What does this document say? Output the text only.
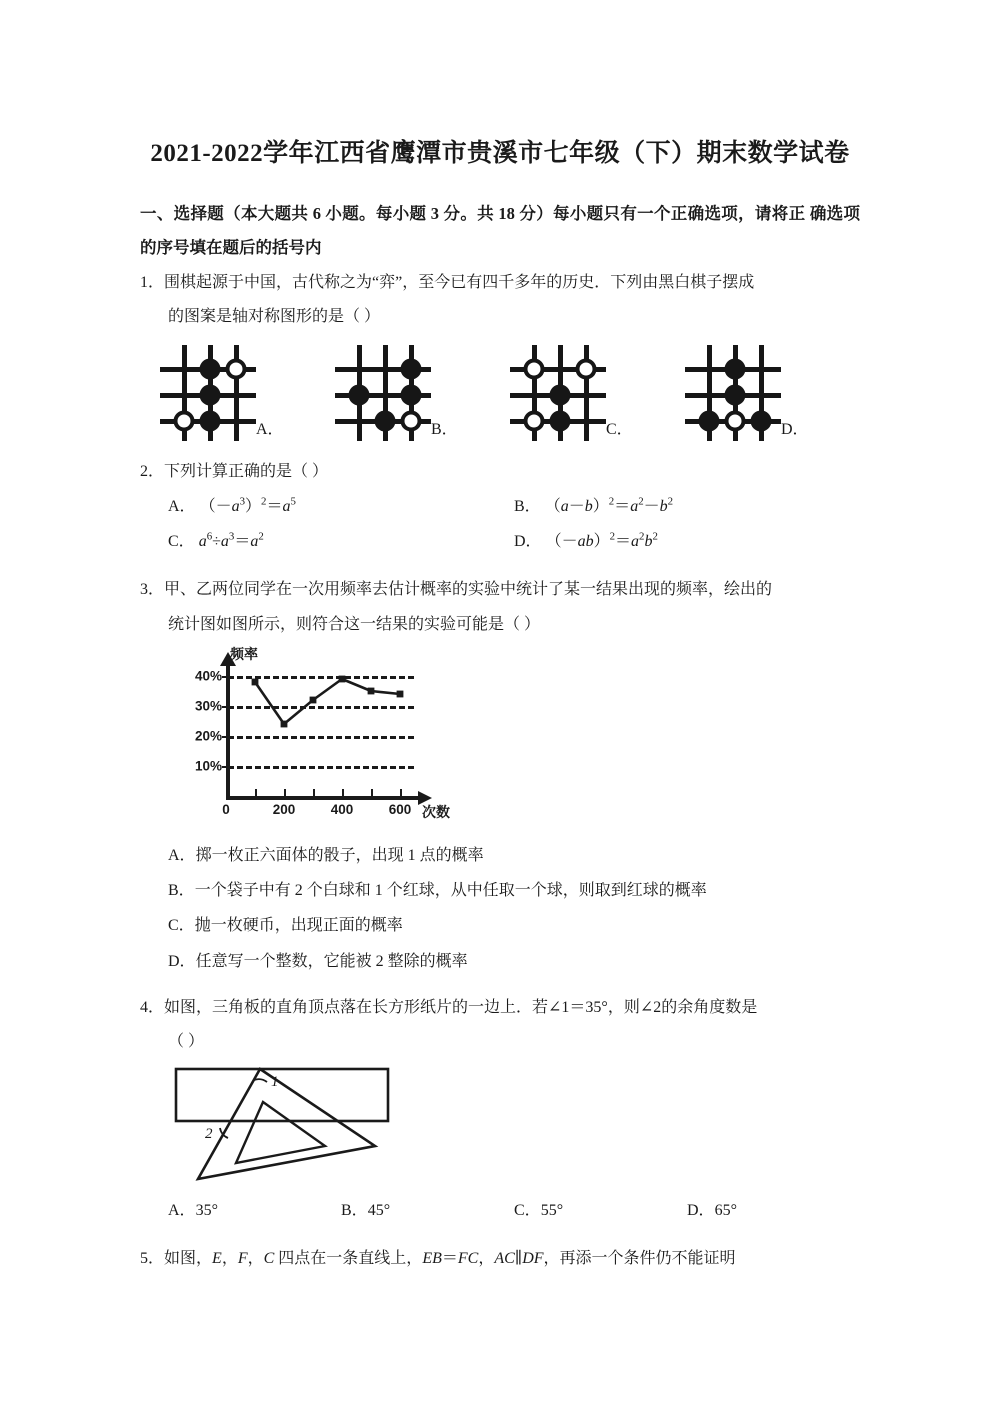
2021-2022学年江西省鹰潭市贵溪市七年级（下）期末数学试卷
一、选择题（本大题共 6 小题。每小题 3 分。共 18 分）每小题只有一个正确选项，请将正 确选项的序号填在题后的括号内
1．围棋起源于中国，古代称之为“弈”，至今已有四千多年的历史．下列由黑白棋子摆成
的图案是轴对称图形的是（ ）
A．	B．	C．	D．
2．下列计算正确的是（ ）
A． $(-a^3)^2=a^5$	B． $(a-b)^2=a^2-b^2$
C． $a^6\div a^3=a^2$	D． $(-ab)^2=a^2b^2$
3．甲、乙两位同学在一次用频率去估计概率的实验中统计了某一结果出现的频率，绘出的
统计图如图所示，则符合这一结果的实验可能是（ ）
频率
次数
10%
20%
30%
40%
0	200	400	600
A．掷一枚正六面体的骰子，出现 1 点的概率
B．一个袋子中有 2 个白球和 1 个红球，从中任取一个球，则取到红球的概率
C．抛一枚硬币，出现正面的概率
D．任意写一个整数，它能被 2 整除的概率
4．如图，三角板的直角顶点落在长方形纸片的一边上．若∠1＝35°，则∠2的余角度数是
（ ）
1
2
A．35°	B．45°	C．55°	D．65°
5．如图，E，F，C 四点在一条直线上，EB＝FC，AC∥DF，再添一个条件仍不能证明
